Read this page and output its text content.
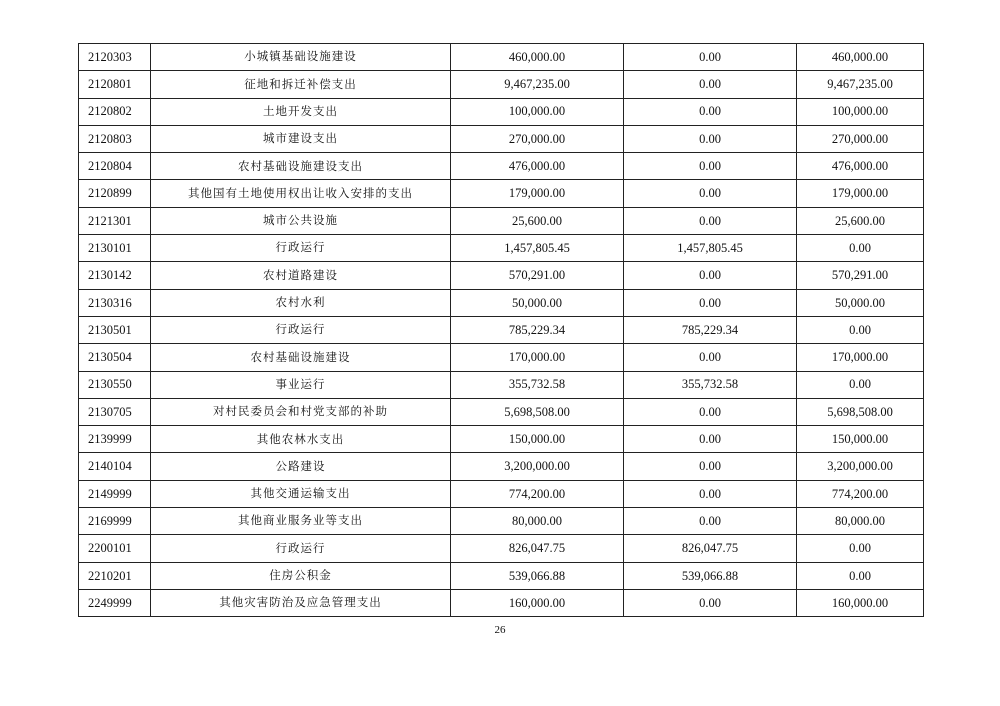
2120303	小城镇基础设施建设	460,000.00	0.00	460,000.00
2120801	征地和拆迁补偿支出	9,467,235.00	0.00	9,467,235.00
2120802	土地开发支出	100,000.00	0.00	100,000.00
2120803	城市建设支出	270,000.00	0.00	270,000.00
2120804	农村基础设施建设支出	476,000.00	0.00	476,000.00
2120899	其他国有土地使用权出让收入安排的支出	179,000.00	0.00	179,000.00
2121301	城市公共设施	25,600.00	0.00	25,600.00
2130101	行政运行	1,457,805.45	1,457,805.45	0.00
2130142	农村道路建设	570,291.00	0.00	570,291.00
2130316	农村水利	50,000.00	0.00	50,000.00
2130501	行政运行	785,229.34	785,229.34	0.00
2130504	农村基础设施建设	170,000.00	0.00	170,000.00
2130550	事业运行	355,732.58	355,732.58	0.00
2130705	对村民委员会和村党支部的补助	5,698,508.00	0.00	5,698,508.00
2139999	其他农林水支出	150,000.00	0.00	150,000.00
2140104	公路建设	3,200,000.00	0.00	3,200,000.00
2149999	其他交通运输支出	774,200.00	0.00	774,200.00
2169999	其他商业服务业等支出	80,000.00	0.00	80,000.00
2200101	行政运行	826,047.75	826,047.75	0.00
2210201	住房公积金	539,066.88	539,066.88	0.00
2249999	其他灾害防治及应急管理支出	160,000.00	0.00	160,000.00
26
